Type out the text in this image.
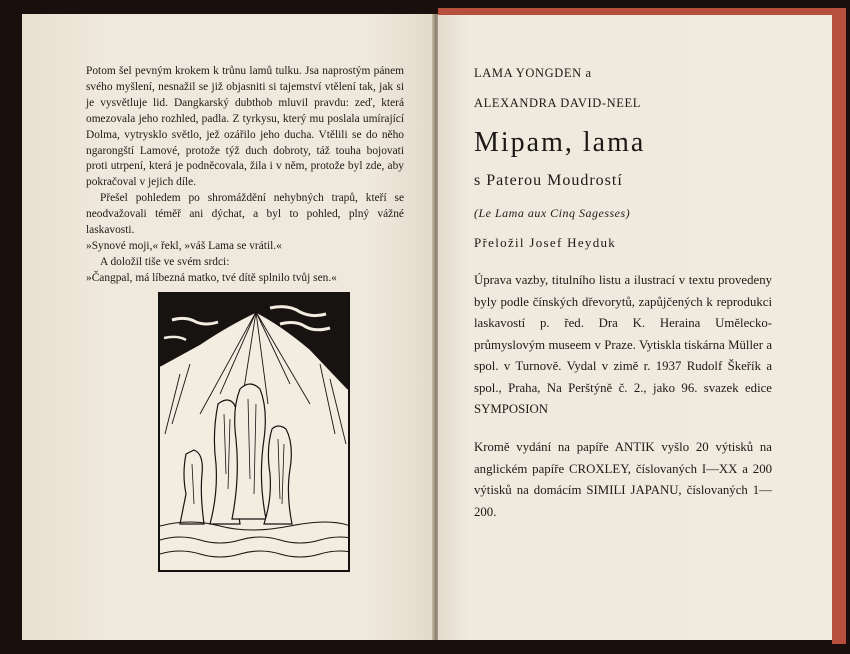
Potom šel pevným krokem k trůnu lamů tulku. Jsa naprostým pánem svého myšlení, nesnažil se již objasniti si tajemství vtělení tak, jak si je vysvětluje lid. Dangkarský dubthob mluvil pravdu: zeď, která omezovala jeho rozhled, padla. Z tyrkysu, který mu poslala umírající Dolma, vytrysklo světlo, jež ozářilo jeho ducha. Vtělili se do něho ngarongští Lamové, protože týž duch dobroty, táž touha bojovati proti utrpení, která je podněcovala, žila i v něm, protože byl zde, aby pokračoval v jejich díle.

Přešel pohledem po shromáždění nehybných trapů, kteří se neodvažovali téměř ani dýchat, a byl to pohled, plný vážné laskavosti.

»Synové moji,« řekl, »váš Lama se vrátil.«

A doložil tiše ve svém srdci:

»Čangpal, má líbezná matko, tvé dítě splnilo tvůj sen.«

LAMA YONGDEN a
ALEXANDRA DAVID-NEEL
Mipam, lama
s Paterou Moudrostí
(Le Lama aux Cinq Sagesses)
Přeložil Josef Heyduk

Úprava vazby, titulního listu a ilustrací v textu provedeny byly podle čínských dřevorytů, zapůjčených k reprodukci laskavostí p. řed. Dra K. Heraina Umělecko-průmyslovým museem v Praze. Vytiskla tiskárna Müller a spol. v Turnově. Vydal v zimě r. 1937 Rudolf Škeřík a spol., Praha, Na Perštýně č. 2., jako 96. svazek edice SYMPOSION

Kromě vydání na papíře ANTIK vyšlo 20 výtisků na anglickém papíře CROXLEY, číslovaných I—XX a 200 výtisků na domácím SIMILI JAPANU, číslovaných 1—200.
